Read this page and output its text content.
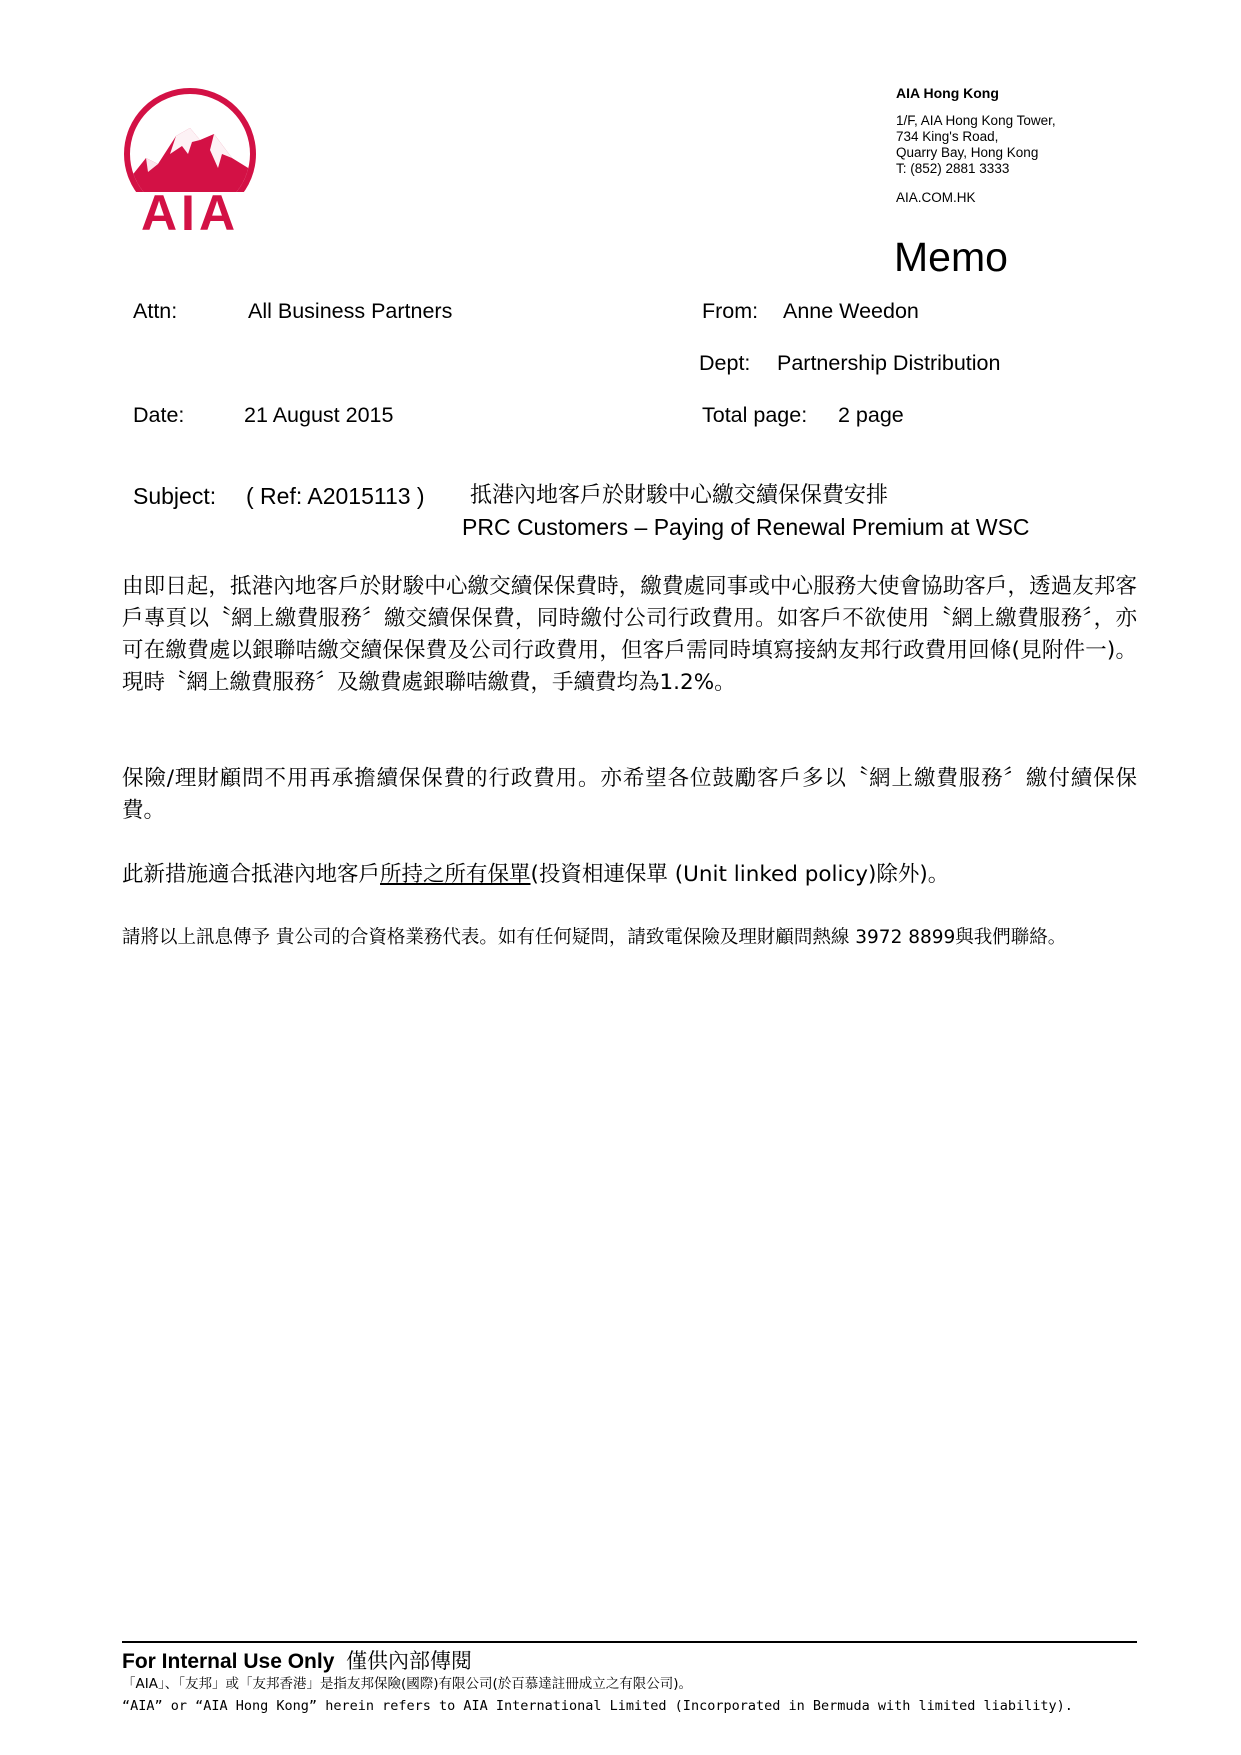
AIA
AIA Hong Kong
1/F, AIA Hong Kong Tower,
734 King's Road,
Quarry Bay, Hong Kong
T: (852) 2881 3333
AIA.COM.HK
Memo
Attn:	All Business Partners	From: Anne Weedon
Dept: Partnership Distribution
Date:	21 August 2015	Total page: 2 page
Subject: ( Ref: A2015113 ) 抵港內地客戶於財駿中心繳交續保保費安排
PRC Customers – Paying of Renewal Premium at WSC
由即日起，抵港內地客戶於財駿中心繳交續保保費時，繳費處同事或中心服務大使會協助客戶，透過友邦客戶專頁以〝網上繳費服務〞繳交續保保費，同時繳付公司行政費用。如客戶不欲使用〝網上繳費服務〞，亦可在繳費處以銀聯咭繳交續保保費及公司行政費用，但客戶需同時填寫接納友邦行政費用回條(見附件一)。現時〝網上繳費服務〞及繳費處銀聯咭繳費，手續費均為1.2%。
保險/理財顧問不用再承擔續保保費的行政費用。亦希望各位鼓勵客戶多以〝網上繳費服務〞繳付續保保費。
此新措施適合抵港內地客戶所持之所有保單(投資相連保單 (Unit linked policy)除外)。
請將以上訊息傳予 貴公司的合資格業務代表。如有任何疑問，請致電保險及理財顧問熱線 3972 8899與我們聯絡。
For Internal Use Only 僅供內部傳閱
「AIA」、「友邦」或「友邦香港」是指友邦保險(國際)有限公司(於百慕達註冊成立之有限公司)。
“AIA” or “AIA Hong Kong” herein refers to AIA International Limited (Incorporated in Bermuda with limited liability).
